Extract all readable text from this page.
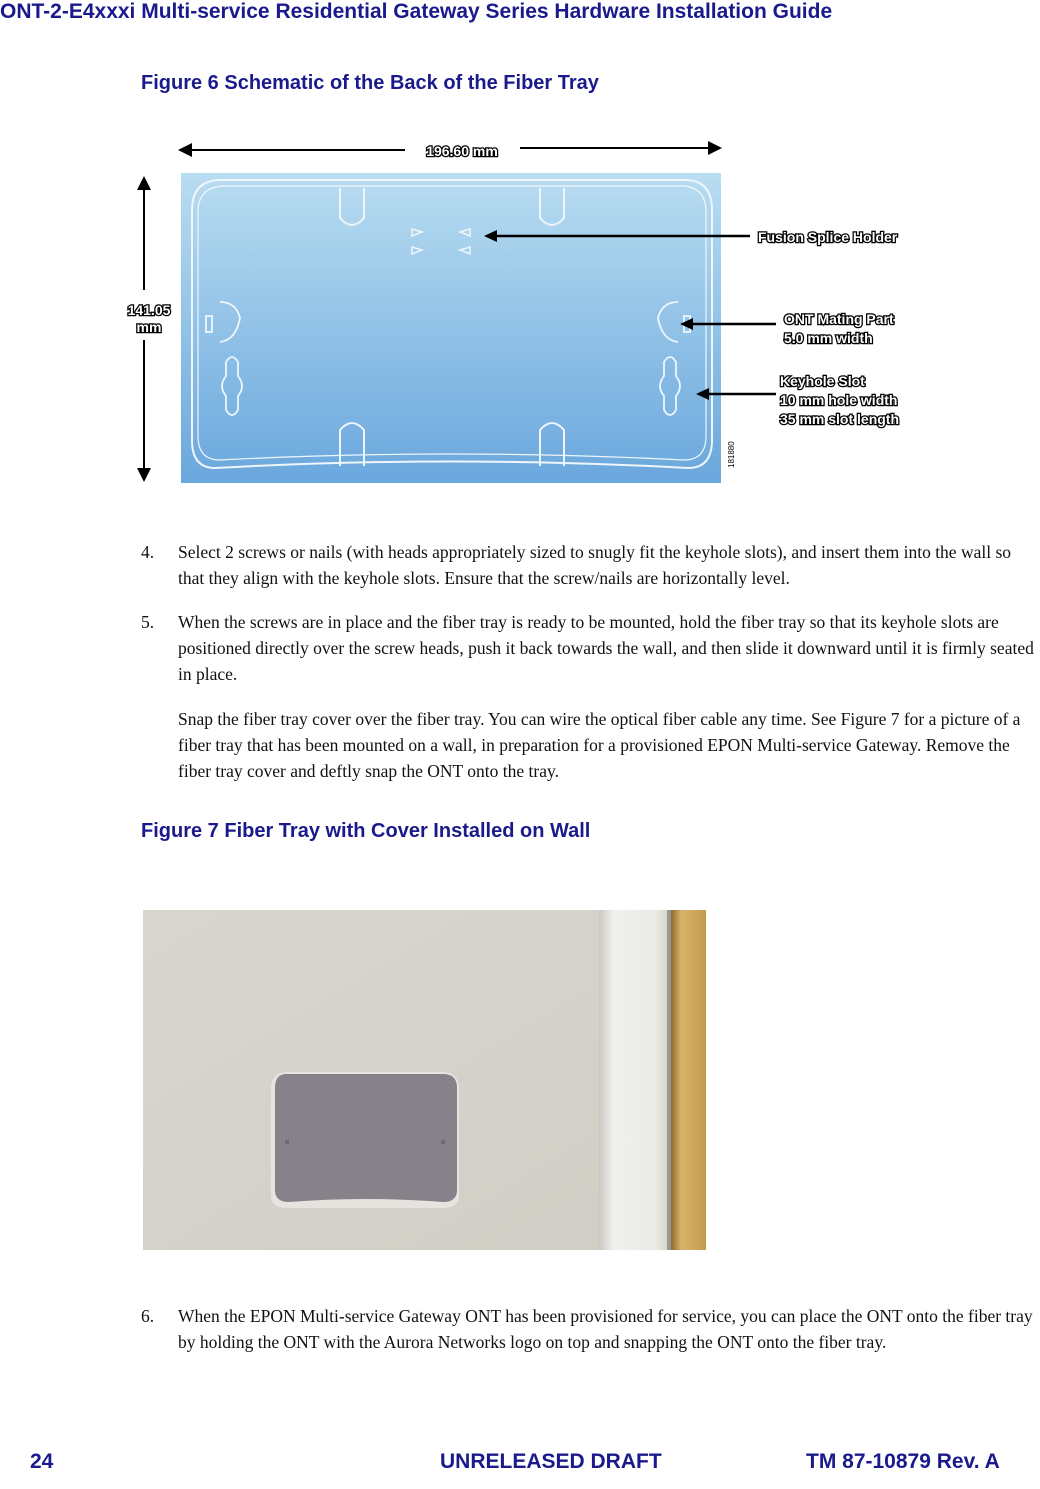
ONT-2-E4xxxi Multi-service Residential Gateway Series Hardware Installation Guide
Figure 6 Schematic of the Back of the Fiber Tray
196.60 mm
141.05
mm
181880
Fusion Splice Holder
ONT Mating Part
5.0 mm width
Keyhole Slot
10 mm hole width
35 mm slot length
4. Select 2 screws or nails (with heads appropriately sized to snugly fit the keyhole slots), and insert them into the wall so that they align with the keyhole slots. Ensure that the screw/nails are horizontally level.
5. When the screws are in place and the fiber tray is ready to be mounted, hold the fiber tray so that its keyhole slots are positioned directly over the screw heads, push it back towards the wall, and then slide it downward until it is firmly seated in place.
Snap the fiber tray cover over the fiber tray. You can wire the optical fiber cable any time. See Figure 7 for a picture of a fiber tray that has been mounted on a wall, in preparation for a provisioned EPON Multi-service Gateway. Remove the fiber tray cover and deftly snap the ONT onto the tray.
Figure 7 Fiber Tray with Cover Installed on Wall
6. When the EPON Multi-service Gateway ONT has been provisioned for service, you can place the ONT onto the fiber tray by holding the ONT with the Aurora Networks logo on top and snapping the ONT onto the fiber tray.
24	UNRELEASED DRAFT	TM 87-10879 Rev. A
